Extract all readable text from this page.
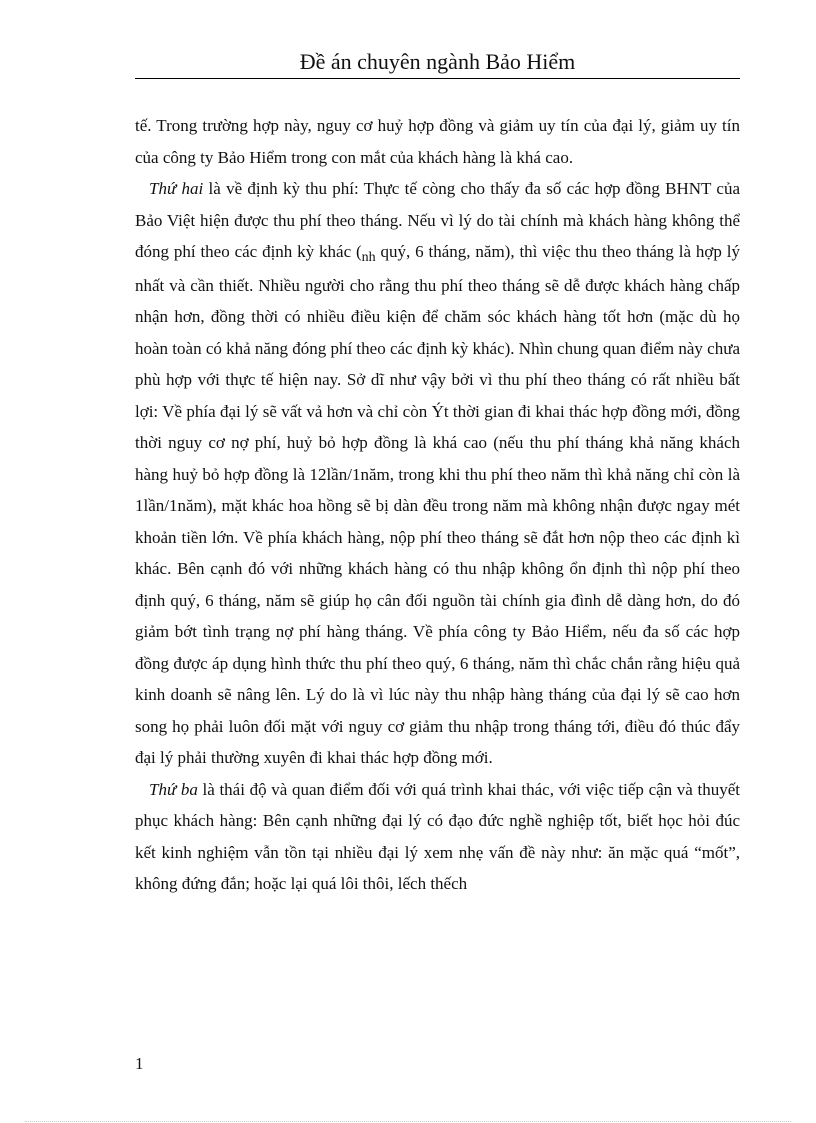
Đề án chuyên ngành Bảo Hiểm

tế. Trong trường hợp này, nguy cơ huỷ hợp đồng và giảm uy tín của đại lý, giảm uy tín của công ty Bảo Hiểm trong con mắt của khách hàng là khá cao.

Thứ hai là về định kỳ thu phí: Thực tế còng cho thấy đa số các hợp đồng BHNT của Bảo Việt hiện được thu phí theo tháng. Nếu vì lý do tài chính mà khách hàng không thể đóng phí theo các định kỳ khác ($_{nh}$ quý, 6 tháng, năm), thì việc thu theo tháng là hợp lý nhất và cần thiết. Nhiều người cho rằng thu phí theo tháng sẽ dễ được khách hàng chấp nhận hơn, đồng thời có nhiều điều kiện để chăm sóc khách hàng tốt hơn (mặc dù họ hoàn toàn có khả năng đóng phí theo các định kỳ khác). Nhìn chung quan điểm này chưa phù hợp với thực tế hiện nay. Sở dĩ như vậy bởi vì thu phí theo tháng có rất nhiều bất lợi: Về phía đại lý sẽ vất vả hơn và chỉ còn Ýt thời gian đi khai thác hợp đồng mới, đồng thời nguy cơ nợ phí, huỷ bỏ hợp đồng là khá cao (nếu thu phí tháng khả năng khách hàng huỷ bỏ hợp đồng là 12lần/1năm, trong khi thu phí theo năm thì khả năng chỉ còn là 1lần/1năm), mặt khác hoa hồng sẽ bị dàn đều trong năm mà không nhận được ngay mét khoản tiền lớn. Về phía khách hàng, nộp phí theo tháng sẽ đắt hơn nộp theo các định kì khác. Bên cạnh đó với những khách hàng có thu nhập không ổn định thì nộp phí theo định quý, 6 tháng, năm sẽ giúp họ cân đối nguồn tài chính gia đình dễ dàng hơn, do đó giảm bớt tình trạng nợ phí hàng tháng. Về phía công ty Bảo Hiểm, nếu đa số các hợp đồng được áp dụng hình thức thu phí theo quý, 6 tháng, năm thì chắc chắn rằng hiệu quả kinh doanh sẽ nâng lên. Lý do là vì lúc này thu nhập hàng tháng của đại lý sẽ cao hơn song họ phải luôn đối mặt với nguy cơ giảm thu nhập trong tháng tới, điều đó thúc đẩy đại lý phải thường xuyên đi khai thác hợp đồng mới.

Thứ ba là thái độ và quan điểm đối với quá trình khai thác, với việc tiếp cận và thuyết phục khách hàng: Bên cạnh những đại lý có đạo đức nghề nghiệp tốt, biết học hỏi đúc kết kinh nghiệm vẫn tồn tại nhiều đại lý xem nhẹ vấn đề này như: ăn mặc quá “mốt”, không đứng đắn; hoặc lại quá lôi thôi, lếch thếch

1
